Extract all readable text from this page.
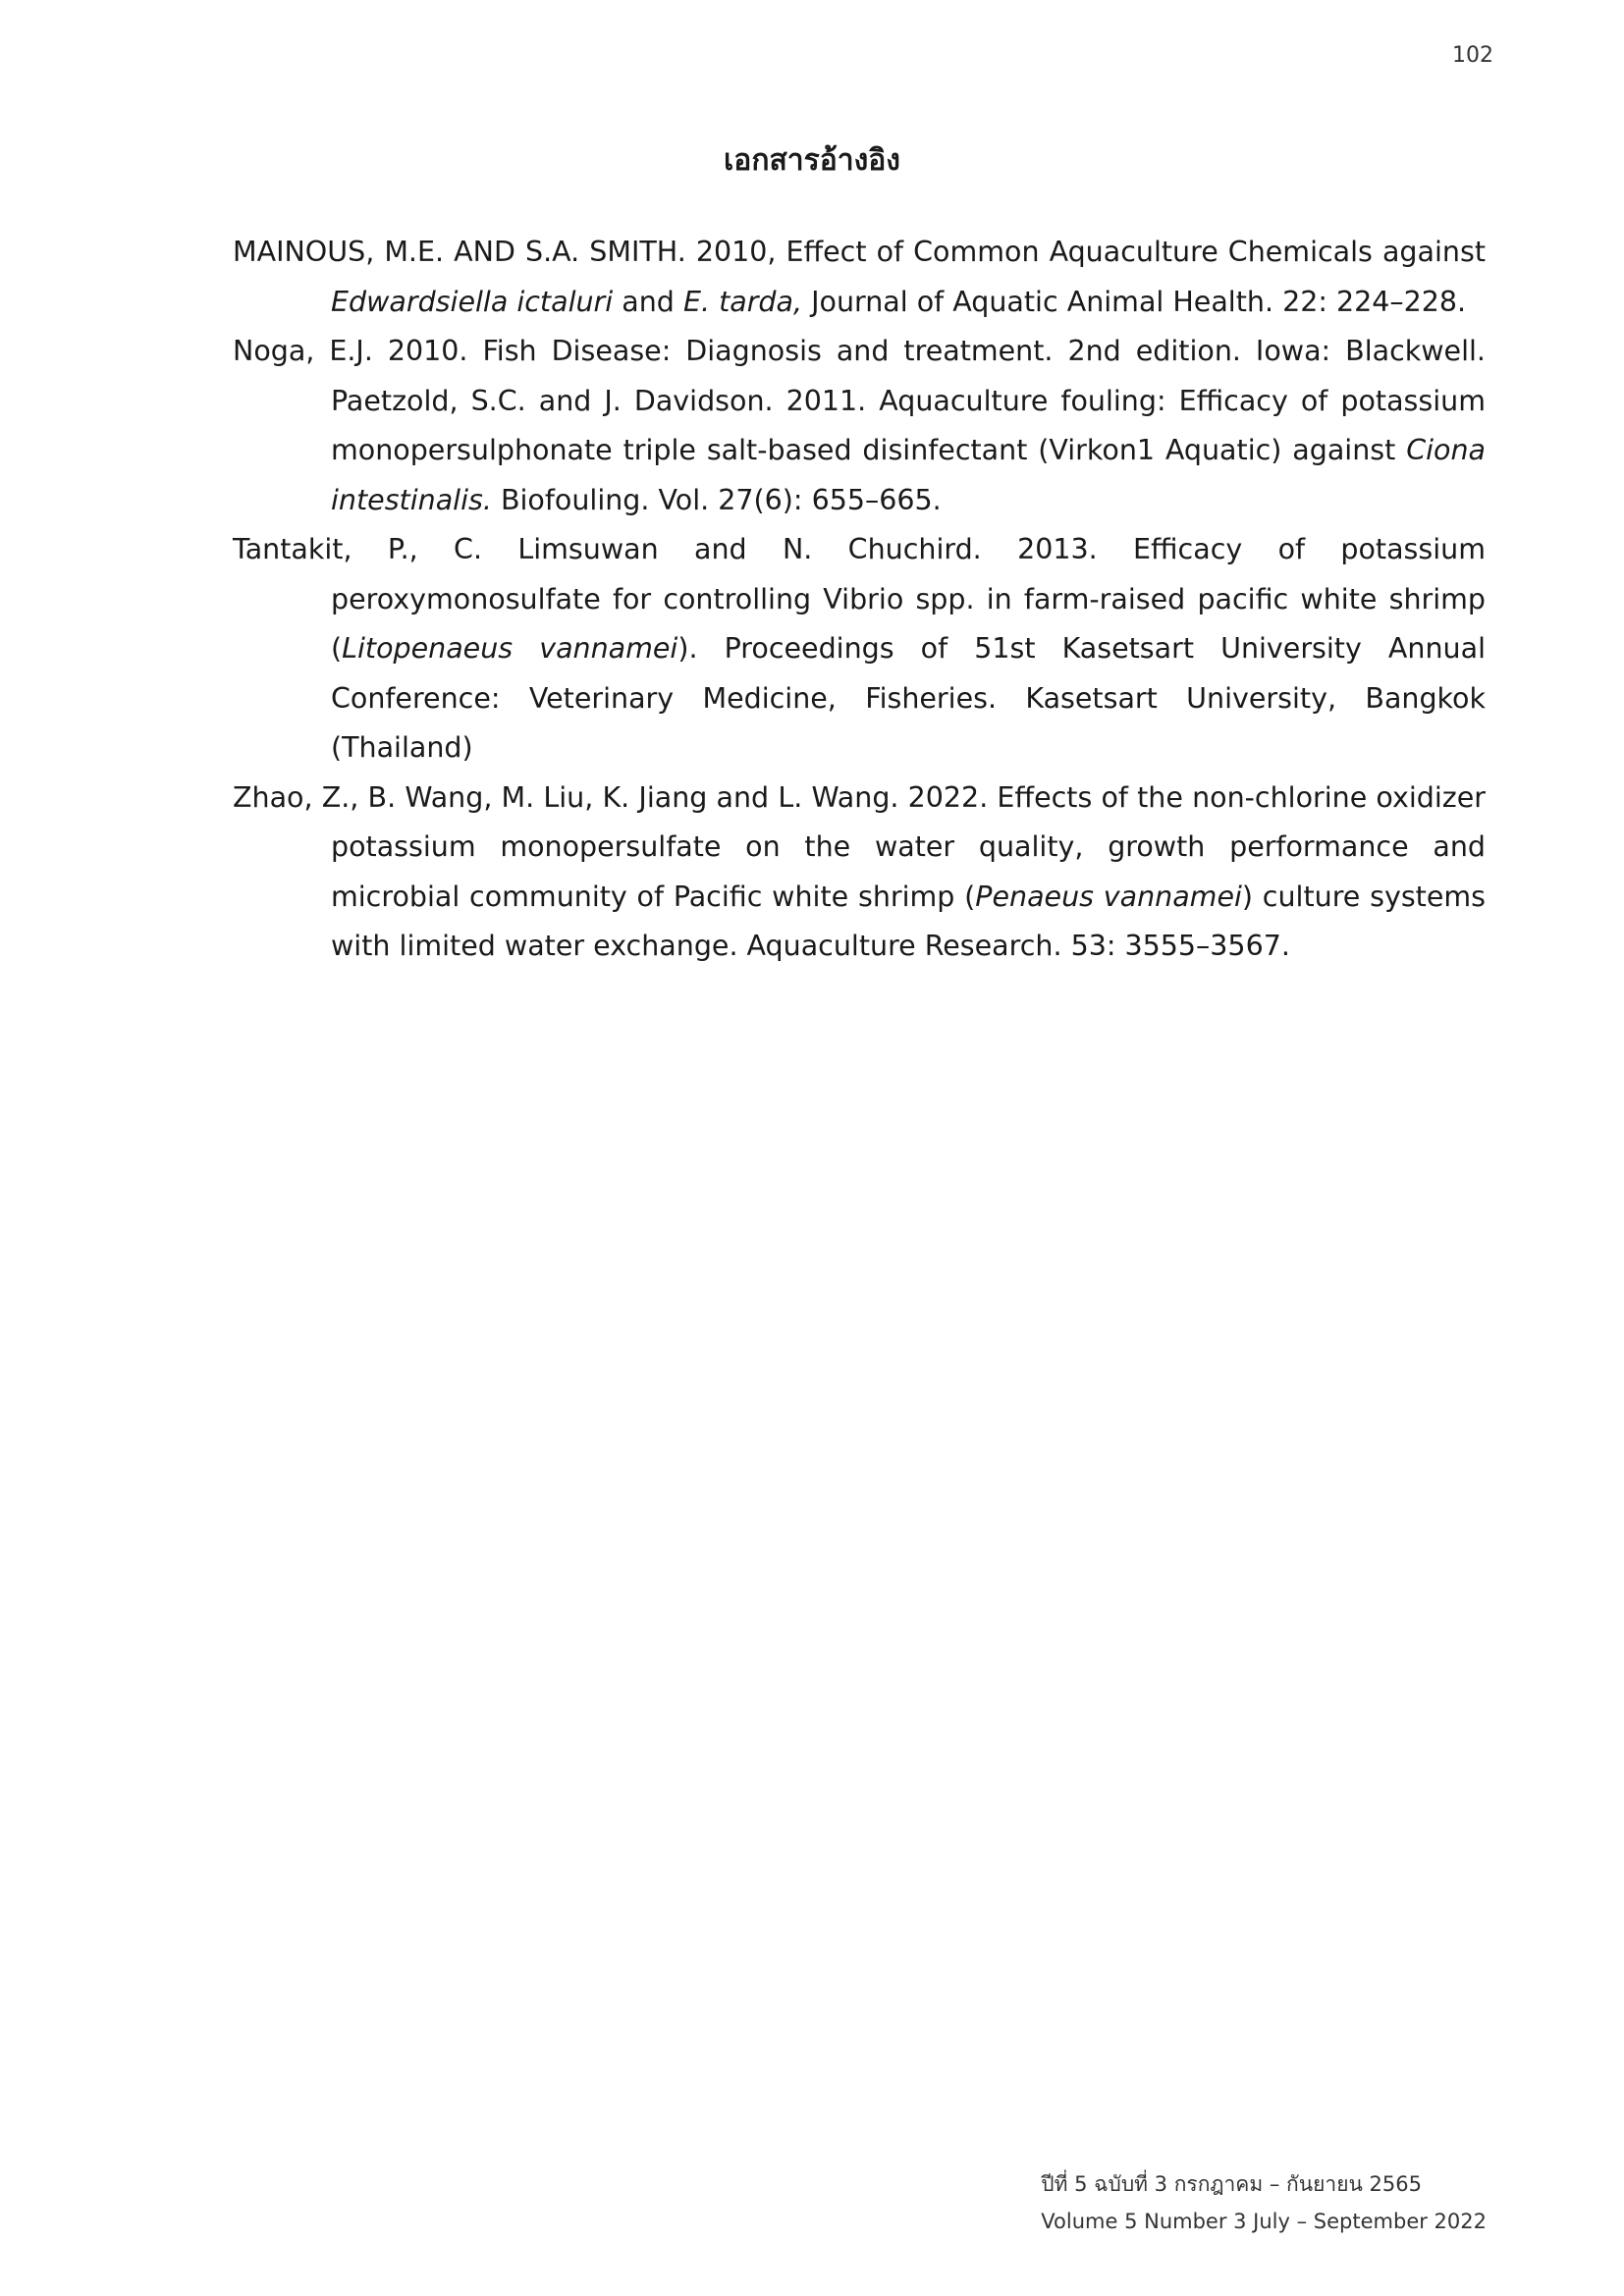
102
เอกสารอ้างอิง

MAINOUS, M.E. AND S.A. SMITH. 2010, Effect of Common Aquaculture Chemicals against Edwardsiella ictaluri and E. tarda, Journal of Aquatic Animal Health. 22: 224–228.

Noga, E.J. 2010. Fish Disease: Diagnosis and treatment. 2nd edition. Iowa: Blackwell. Paetzold, S.C. and J. Davidson. 2011. Aquaculture fouling: Efficacy of potassium monopersulphonate triple salt-based disinfectant (Virkon1 Aquatic) against Ciona intestinalis. Biofouling. Vol. 27(6): 655–665.

Tantakit, P., C. Limsuwan and N. Chuchird. 2013. Efficacy of potassium peroxymonosulfate for controlling Vibrio spp. in farm-raised pacific white shrimp (Litopenaeus vannamei). Proceedings of 51st Kasetsart University Annual Conference: Veterinary Medicine, Fisheries. Kasetsart University, Bangkok (Thailand)

Zhao, Z., B. Wang, M. Liu, K. Jiang and L. Wang. 2022. Effects of the non-chlorine oxidizer potassium monopersulfate on the water quality, growth performance and microbial community of Pacific white shrimp (Penaeus vannamei) culture systems with limited water exchange. Aquaculture Research. 53: 3555–3567.

ปีที่ 5 ฉบับที่ 3 กรกฎาคม – กันยายน 2565
Volume 5 Number 3 July – September 2022
